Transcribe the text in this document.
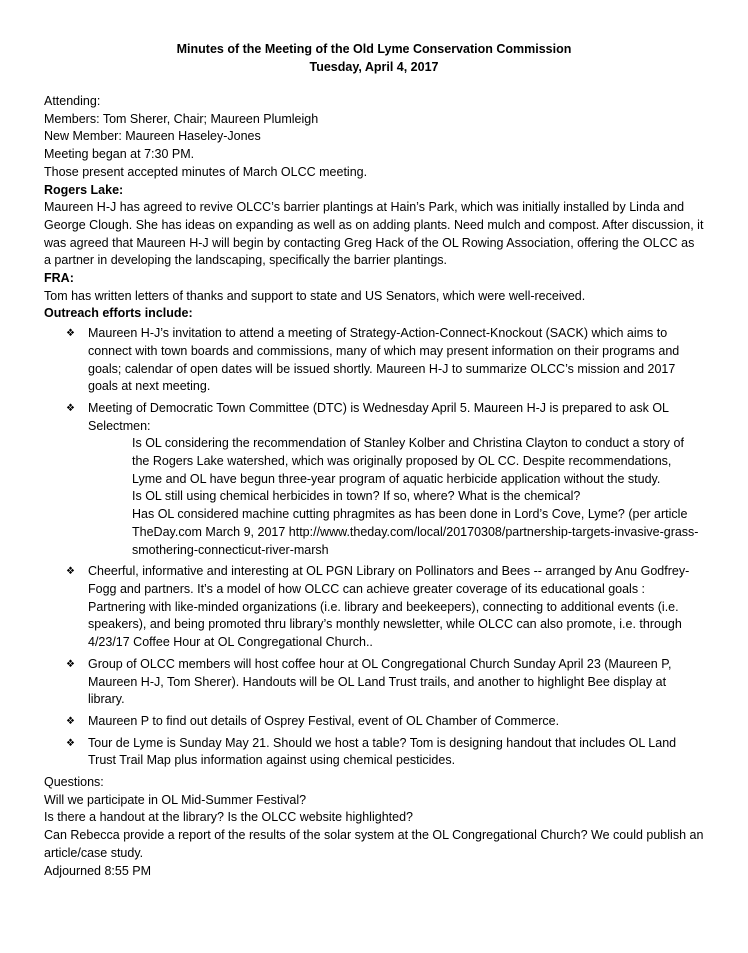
Minutes of the Meeting of the Old Lyme Conservation Commission
Tuesday, April 4, 2017

Attending:

Members: Tom Sherer, Chair; Maureen Plumleigh

New Member: Maureen Haseley-Jones

Meeting began at 7:30 PM.

Those present accepted minutes of March OLCC meeting.

Rogers Lake:

Maureen H-J has agreed to revive OLCC’s barrier plantings at Hain’s Park, which was initially installed by Linda and George Clough. She has ideas on expanding as well as on adding plants. Need mulch and compost. After discussion, it was agreed that Maureen H-J will begin by contacting Greg Hack of the OL Rowing Association, offering the OLCC as a partner in developing the landscaping, specifically the barrier plantings.

FRA:

Tom has written letters of thanks and support to state and US Senators, which were well-received.

Outreach efforts include:

❖	Maureen H-J’s invitation to attend a meeting of Strategy-Action-Connect-Knockout (SACK) which aims to connect with town boards and commissions, many of which may present information on their programs and goals; calendar of open dates will be issued shortly. Maureen H-J to summarize OLCC’s mission and 2017 goals at next meeting.
❖	Meeting of Democratic Town Committee (DTC) is Wednesday April 5. Maureen H-J is prepared to ask OL Selectmen:

Is OL considering the recommendation of Stanley Kolber and Christina Clayton to conduct a story of the Rogers Lake watershed, which was originally proposed by OL CC. Despite recommendations, Lyme and OL have begun three-year program of aquatic herbicide application without the study.

Is OL still using chemical herbicides in town? If so, where? What is the chemical?

Has OL considered machine cutting phragmites as has been done in Lord’s Cove, Lyme? (per article TheDay.com March 9, 2017 http://www.theday.com/local/20170308/partnership-targets-invasive-grass-smothering-connecticut-river-marsh

❖	Cheerful, informative and interesting at OL PGN Library on Pollinators and Bees -- arranged by Anu Godfrey-Fogg and partners. It’s a model of how OLCC can achieve greater coverage of its educational goals : Partnering with like-minded organizations (i.e. library and beekeepers), connecting to additional events (i.e. speakers), and being promoted thru library’s monthly newsletter, while OLCC can also promote, i.e. through 4/23/17 Coffee Hour at OL Congregational Church..
❖	Group of OLCC members will host coffee hour at OL Congregational Church Sunday April 23 (Maureen P, Maureen H-J, Tom Sherer). Handouts will be OL Land Trust trails, and another to highlight Bee display at library.
❖	Maureen P to find out details of Osprey Festival, event of OL Chamber of Commerce.
❖	Tour de Lyme is Sunday May 21. Should we host a table? Tom is designing handout that includes OL Land Trust Trail Map plus information against using chemical pesticides.

Questions:

Will we participate in OL Mid-Summer Festival?

Is there a handout at the library? Is the OLCC website highlighted?

Can Rebecca provide a report of the results of the solar system at the OL Congregational Church? We could publish an article/case study.

Adjourned 8:55 PM
